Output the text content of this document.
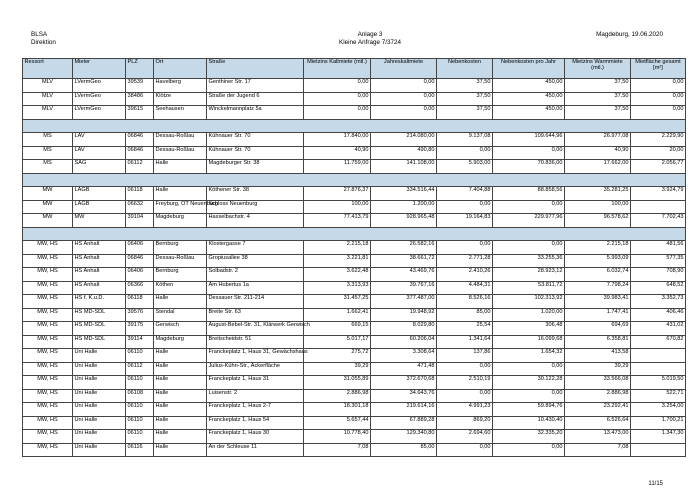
BLSA
Direktion
Anlage 3
Kleine Anfrage 7/3724
Magdeburg, 19.06.2020
Ressort	Mieter	PLZ	Ort	Straße	Mietzins Kaltmiete (mtl.)	Jahreskaltmiete	Nebenkosten	Nebenkosten pro Jahr	Mietzins Warmmiete (mtl.)	Mietfläche gesamt [m²]
MLV	LVermGeo	39539	Havelberg	Genthiner Str. 17	0,00	0,00	37,50	450,00	37,50	0,00
MLV	LVermGeo	38486	Klötze	Straße der Jugend 6	0,00	0,00	37,50	450,00	37,50	0,00
MLV	LVermGeo	39615	Seehausen	Winckelmannplatz 5a	0,00	0,00	37,50	450,00	37,50	0,00

MS	LAV	06846	Dessau-Roßlau	Kühnauer Str. 70	17.840,00	214.080,00	9.137,08	109.644,96	26.977,08	2.229,90
MS	LAV	06846	Dessau-Roßlau	Kühnauer Str. 70	40,90	490,80	0,00	0,00	40,90	20,00
MS	SAG	06112	Halle	Magdeburger Str. 38	11.759,00	141.108,00	5.903,00	70.836,00	17.662,00	2.056,77

MW	LAGB	06118	Halle	Köthener Str. 38	27.876,37	334.516,44	7.404,88	88.858,56	35.281,25	3.924,79
MW	LAGB	06632	Freyburg, OT Neuenburg	Schloss Neuenburg	100,00	1.200,00	0,00	0,00	100,00	
MW	MW	39104	Magdeburg	Hasselbachstr. 4	77.413,79	928.965,48	19.164,83	229.977,96	96.578,62	7.702,43

MW, HS	HS Anhalt	06406	Bernburg	Klostergasse 7	2.215,18	26.582,16	0,00	0,00	2.215,18	481,56
MW, HS	HS Anhalt	06846	Dessau-Roßlau	Gropiusallee 38	3.221,81	38.661,72	2.771,28	33.255,36	5.993,09	577,35
MW, HS	HS Anhalt	06406	Bernburg	Solbadstr. 2	3.622,48	43.469,76	2.410,26	28.923,12	6.032,74	708,90
MW, HS	HS Anhalt	06366	Köthen	Am Hubertus 1a	3.313,93	39.767,16	4.484,31	53.811,72	7.798,24	648,52
MW, HS	HS f. K.u.D.	06118	Halle	Dessauer Str. 211-214	31.457,25	377.487,00	8.526,16	102.313,92	39.983,41	3.352,73
MW, HS	HS MD-SDL	39576	Stendal	Breite Str. 63	1.662,41	19.948,92	85,00	1.020,00	1.747,41	406,46
MW, HS	HS MD-SDL	39175	Gerwisch	August-Bebel-Str. 31, Klärwerk Gerwisch	669,15	8.029,80	25,54	306,48	694,69	431,02
MW, HS	HS MD-SDL	39114	Magdeburg	Breitscheidstr. 51	5.017,17	60.206,04	1.341,64	16.099,68	6.358,81	670,82
MW, HS	Uni Halle	06110	Halle	Franckeplatz 1, Haus 31, Gewächshaus	275,72	3.308,64	137,86	1.654,32	413,58	
MW, HS	Uni Halle	06112	Halle	Julius-Kühn-Str., Ackerfläche	39,29	471,48	0,00	0,00	39,29	
MW, HS	Uni Halle	06110	Halle	Franckeplatz 1, Haus 31	31.055,89	372.670,68	2.510,19	30.122,28	33.566,08	5.019,50
MW, HS	Uni Halle	06108	Halle	Luisenstr. 2	2.886,98	34.643,76	0,00	0,00	2.886,98	522,71
MW, HS	Uni Halle	06110	Halle	Franckeplatz 1, Haus 2-7	18.301,18	219.614,16	4.991,23	59.894,76	23.292,41	3.254,00
MW, HS	Uni Halle	06110	Halle	Franckeplatz 1, Haus 54	5.657,44	67.889,28	869,20	10.430,40	6.526,64	1.700,21
MW, HS	Uni Halle	06110	Halle	Franckeplatz 1, Haus 30	10.778,40	129.340,80	2.694,60	32.335,20	13.473,00	1.347,30
MW, HS	Uni Halle	06116	Halle	An der Schleuse 11	7,08	85,00	0,00	0,00	7,08	
11/15
